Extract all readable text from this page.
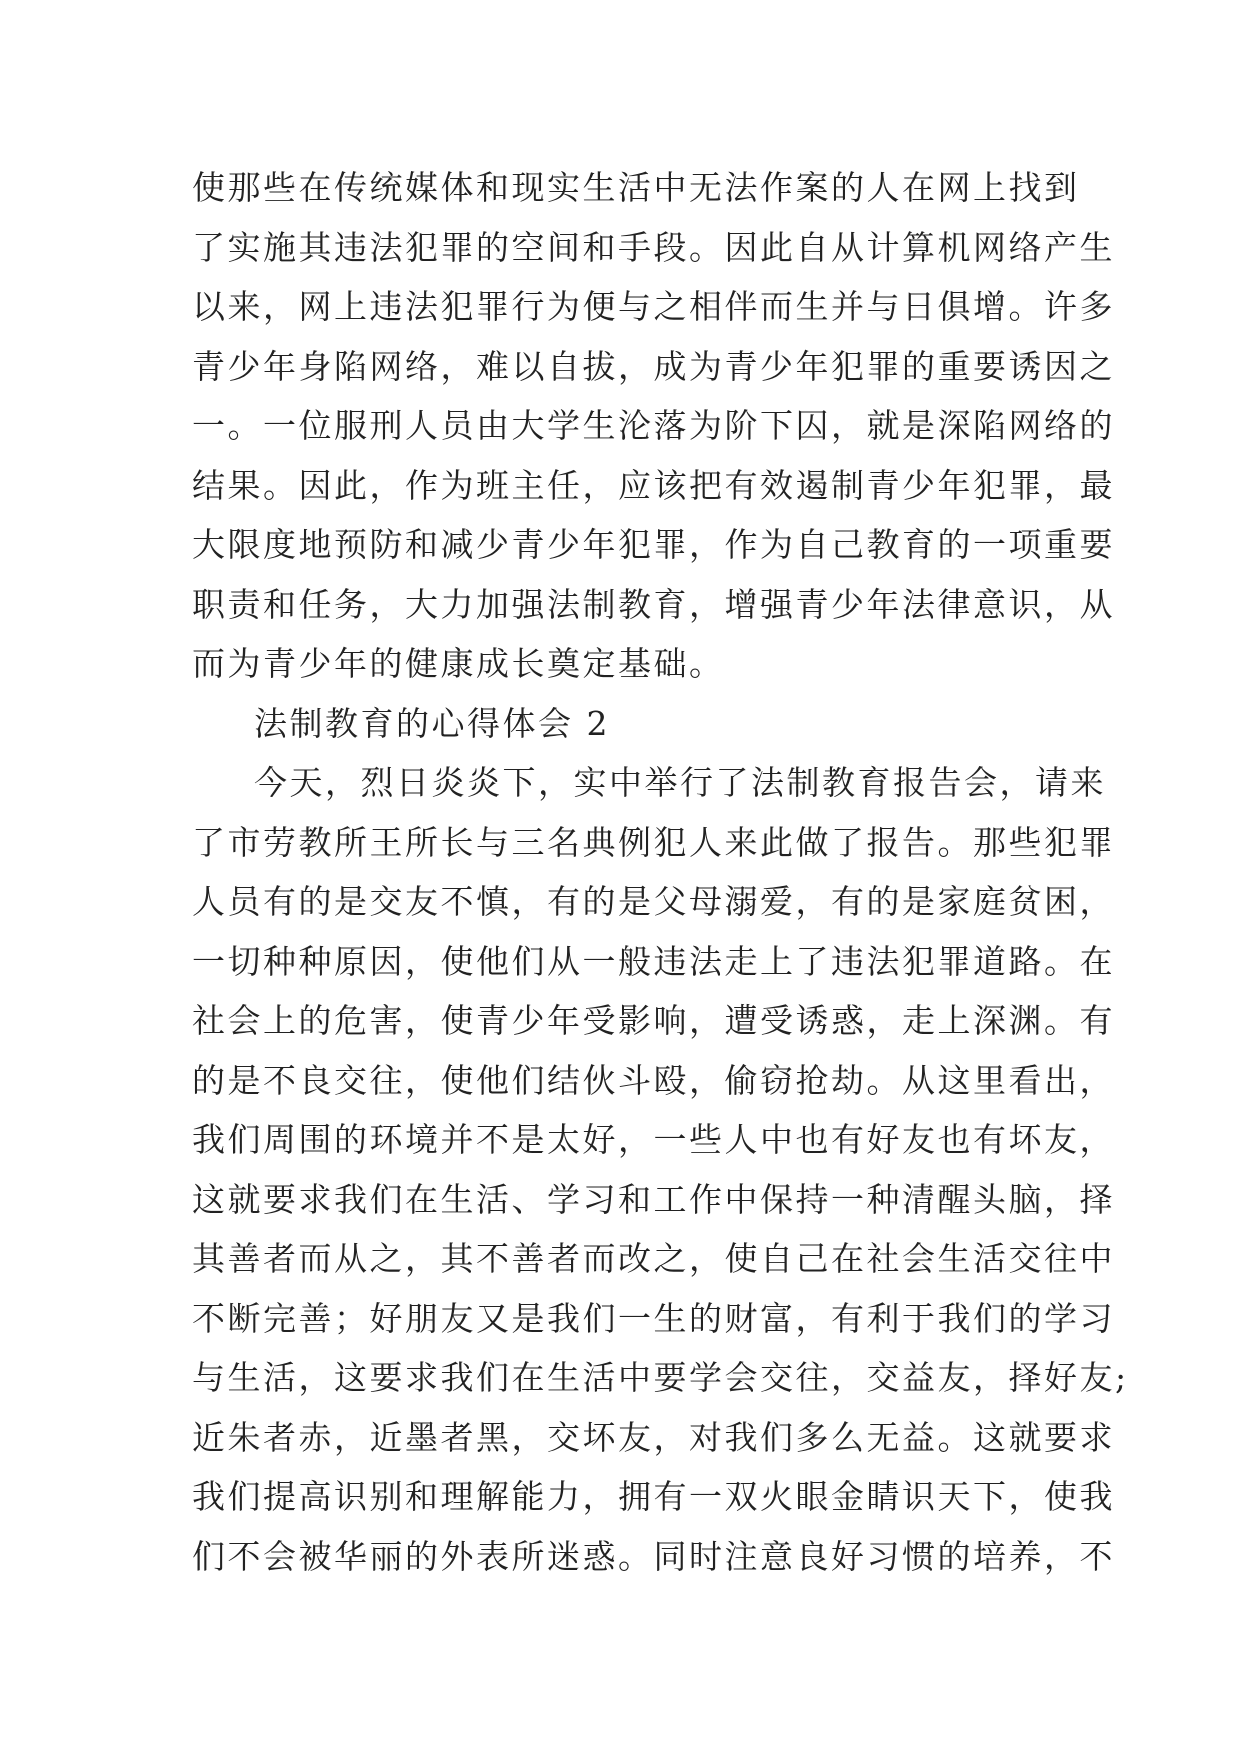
使那些在传统媒体和现实生活中无法作案的人在网上找到
了实施其违法犯罪的空间和手段。因此自从计算机网络产生
以来，网上违法犯罪行为便与之相伴而生并与日俱增。许多
青少年身陷网络，难以自拔，成为青少年犯罪的重要诱因之
一。一位服刑人员由大学生沦落为阶下囚，就是深陷网络的
结果。因此，作为班主任，应该把有效遏制青少年犯罪，最
大限度地预防和减少青少年犯罪，作为自己教育的一项重要
职责和任务，大力加强法制教育，增强青少年法律意识，从
而为青少年的健康成长奠定基础。
法制教育的心得体会 2
今天，烈日炎炎下，实中举行了法制教育报告会，请来
了市劳教所王所长与三名典例犯人来此做了报告。那些犯罪
人员有的是交友不慎，有的是父母溺爱，有的是家庭贫困，
一切种种原因，使他们从一般违法走上了违法犯罪道路。在
社会上的危害，使青少年受影响，遭受诱惑，走上深渊。有
的是不良交往，使他们结伙斗殴，偷窃抢劫。从这里看出，
我们周围的环境并不是太好，一些人中也有好友也有坏友，
这就要求我们在生活、学习和工作中保持一种清醒头脑，择
其善者而从之，其不善者而改之，使自己在社会生活交往中
不断完善；好朋友又是我们一生的财富，有利于我们的学习
与生活，这要求我们在生活中要学会交往，交益友，择好友;
近朱者赤，近墨者黑，交坏友，对我们多么无益。这就要求
我们提高识别和理解能力，拥有一双火眼金睛识天下，使我
们不会被华丽的外表所迷惑。同时注意良好习惯的培养，不
